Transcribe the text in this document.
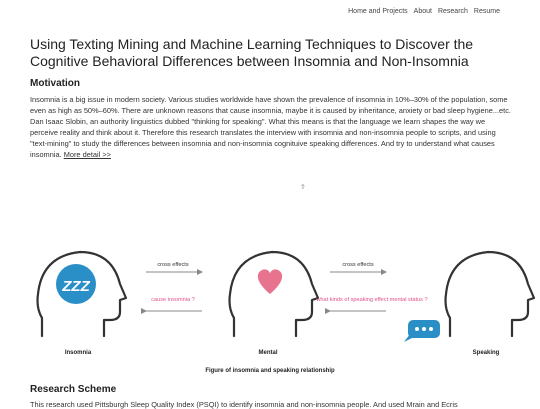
Home and Projects About Research Resume
Using Texting Mining and Machine Learning Techniques to Discover the Cognitive Behavioral Differences between Insomnia and Non-Insomnia
Motivation

Insomnia is a big issue in modern society. Various studies worldwide have shown the prevalence of insomnia in 10%–30% of the population, some even as high as 50%–60%. There are unknown reasons that cause insomnia, maybe it is caused by inheritance, anxiety or bad sleep hygiene...etc. Dan Isaac Slobin, an authority linguistics dubbed "thinking for speaking". What this means is that the language we learn shapes the way we perceive reality and think about it. Therefore this research translates the interview with insomnia and non-insomnia people to scripts, and using "text-mining" to study the differences between insomnia and non-insomnia cognituive speaking differences. And try to understand what causes insomnia. More detail >>

⇮
ZZZ
cross effects
cause insomnia ?
cross effects
what kinds of speaking effect mental status ?
Insomnia	Mental	Speaking
Figure of insomnia and speaking relationship
Research Scheme
This research used Pittsburgh Sleep Quality Index (PSQI) to identify insomnia and non-insomnia people. And used Mrain and Ecris
